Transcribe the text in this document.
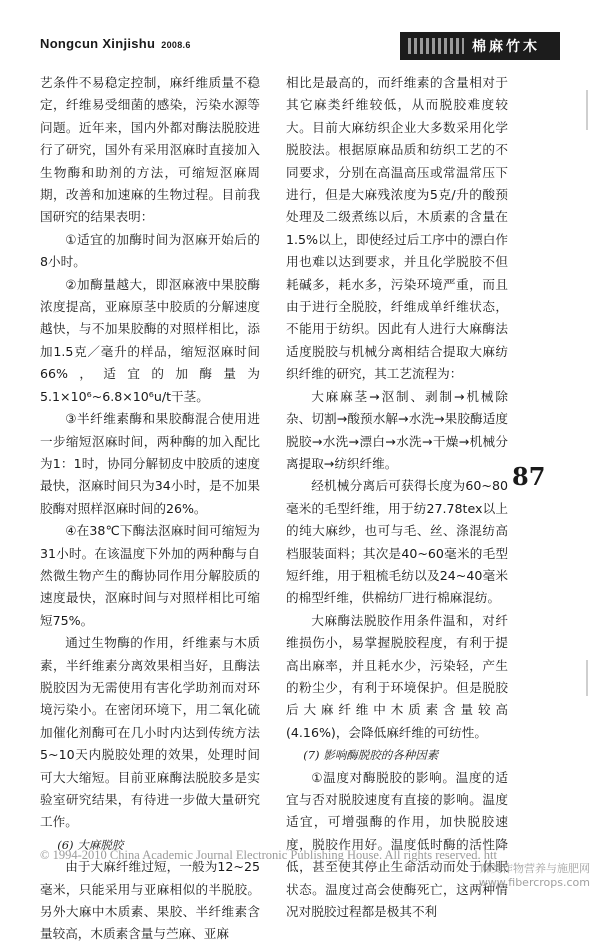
Nongcun Xinjishu 2008.6	棉麻竹木

艺条件不易稳定控制，麻纤维质量不稳定，纤维易受细菌的感染，污染水源等问题。近年来，国内外都对酶法脱胶进行了研究，国外有采用沤麻时直接加入生物酶和助剂的方法，可缩短沤麻周期，改善和加速麻的生物过程。目前我国研究的结果表明：

①适宜的加酶时间为沤麻开始后的8小时。

②加酶量越大，即沤麻液中果胶酶浓度提高，亚麻原茎中胶质的分解速度越快，与不加果胶酶的对照样相比，添加1.5克／毫升的样品，缩短沤麻时间66%，适宜的加酶量为5.1×10⁶~6.8×10⁶u/t干茎。

③半纤维素酶和果胶酶混合使用进一步缩短沤麻时间，两种酶的加入配比为1：1时，协同分解韧皮中胶质的速度最快，沤麻时间只为34小时，是不加果胶酶对照样沤麻时间的26%。

④在38℃下酶法沤麻时间可缩短为31小时。在该温度下外加的两种酶与自然微生物产生的酶协同作用分解胶质的速度最快，沤麻时间与对照样相比可缩短75%。

通过生物酶的作用，纤维素与木质素，半纤维素分离效果相当好，且酶法脱胶因为无需使用有害化学助剂而对环境污染小。在密闭环境下，用二氧化硫加催化剂酶可在几小时内达到传统方法5~10天内脱胶处理的效果，处理时间可大大缩短。目前亚麻酶法脱胶多是实验室研究结果，有待进一步做大量研究工作。

(6) 大麻脱胶

由于大麻纤维过短，一般为12~25毫米，只能采用与亚麻相似的半脱胶。另外大麻中木质素、果胶、半纤维素含量较高，木质素含量与苎麻、亚麻

相比是最高的，而纤维素的含量相对于其它麻类纤维较低，从而脱胶难度较大。目前大麻纺织企业大多数采用化学脱胶法。根据原麻品质和纺织工艺的不同要求，分别在高温高压或常温常压下进行，但是大麻残浓度为5克/升的酸预处理及二级煮练以后，木质素的含量在1.5%以上，即使经过后工序中的漂白作用也难以达到要求，并且化学脱胶不但耗碱多，耗水多，污染环境严重，而且由于进行全脱胶，纤维成单纤维状态，不能用于纺织。因此有人进行大麻酶法适度脱胶与机械分离相结合提取大麻纺织纤维的研究，其工艺流程为：

大麻麻茎→沤制、剥制→机械除杂、切割→酸预水解→水洗→果胶酶适度脱胶→水洗→漂白→水洗→干燥→机械分离提取→纺织纤维。

经机械分离后可获得长度为60~80毫米的毛型纤维，用于纺27.78tex以上的纯大麻纱，也可与毛、丝、涤混纺高档服装面料；其次是40~60毫米的毛型短纤维，用于粗梳毛纺以及24~40毫米的棉型纤维，供棉纺厂进行棉麻混纺。

大麻酶法脱胶作用条件温和，对纤维损伤小，易掌握脱胶程度，有利于提高出麻率，并且耗水少，污染轻，产生的粉尘少，有利于环境保护。但是脱胶后大麻纤维中木质素含量较高(4.16%)，会降低麻纤维的可纺性。

(7) 影响酶脱胶的各种因素

①温度对酶脱胶的影响。温度的适宜与否对脱胶速度有直接的影响。温度适宜，可增强酶的作用，加快脱胶速度，脱胶作用好。温度低时酶的活性降低，甚至使其停止生命活动而处于休眠状态。温度过高会使酶死亡，这两种情况对脱胶过程都是极其不利

87
© 1994-2010 China Academic Journal Electronic Publishing House. All rights reserved. htt
麻类作物营养与施肥网
www.fibercrops.com
